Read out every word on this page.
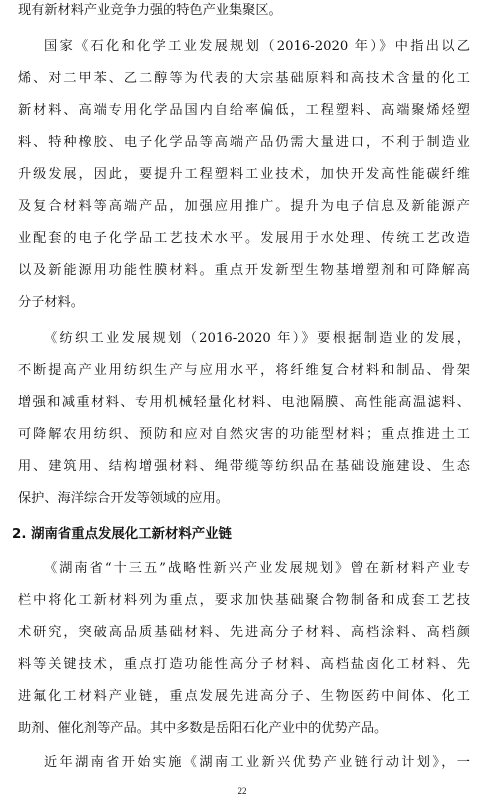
现有新材料产业竞争力强的特色产业集聚区。
国家《石化和化学工业发展规划（2016-2020 年）》中指出以乙
烯、对二甲苯、乙二醇等为代表的大宗基础原料和高技术含量的化工
新材料、高端专用化学品国内自给率偏低，工程塑料、高端聚烯烃塑
料、特种橡胶、电子化学品等高端产品仍需大量进口，不利于制造业
升级发展，因此，要提升工程塑料工业技术，加快开发高性能碳纤维
及复合材料等高端产品，加强应用推广。提升为电子信息及新能源产
业配套的电子化学品工艺技术水平。发展用于水处理、传统工艺改造
以及新能源用功能性膜材料。重点开发新型生物基增塑剂和可降解高
分子材料。
《纺织工业发展规划（2016-2020 年）》要根据制造业的发展，
不断提高产业用纺织生产与应用水平，将纤维复合材料和制品、骨架
增强和减重材料、专用机械轻量化材料、电池隔膜、高性能高温滤料、
可降解农用纺织、预防和应对自然灾害的功能型材料；重点推进土工
用、建筑用、结构增强材料、绳带缆等纺织品在基础设施建设、生态
保护、海洋综合开发等领域的应用。
2. 湖南省重点发展化工新材料产业链
《湖南省“十三五”战略性新兴产业发展规划》曾在新材料产业专
栏中将化工新材料列为重点，要求加快基础聚合物制备和成套工艺技
术研究，突破高品质基础材料、先进高分子材料、高档涂料、高档颜
料等关键技术，重点打造功能性高分子材料、高档盐卤化工材料、先
进氟化工材料产业链，重点发展先进高分子、生物医药中间体、化工
助剂、催化剂等产品。其中多数是岳阳石化产业中的优势产品。
近年湖南省开始实施《湖南工业新兴优势产业链行动计划》，一
22
